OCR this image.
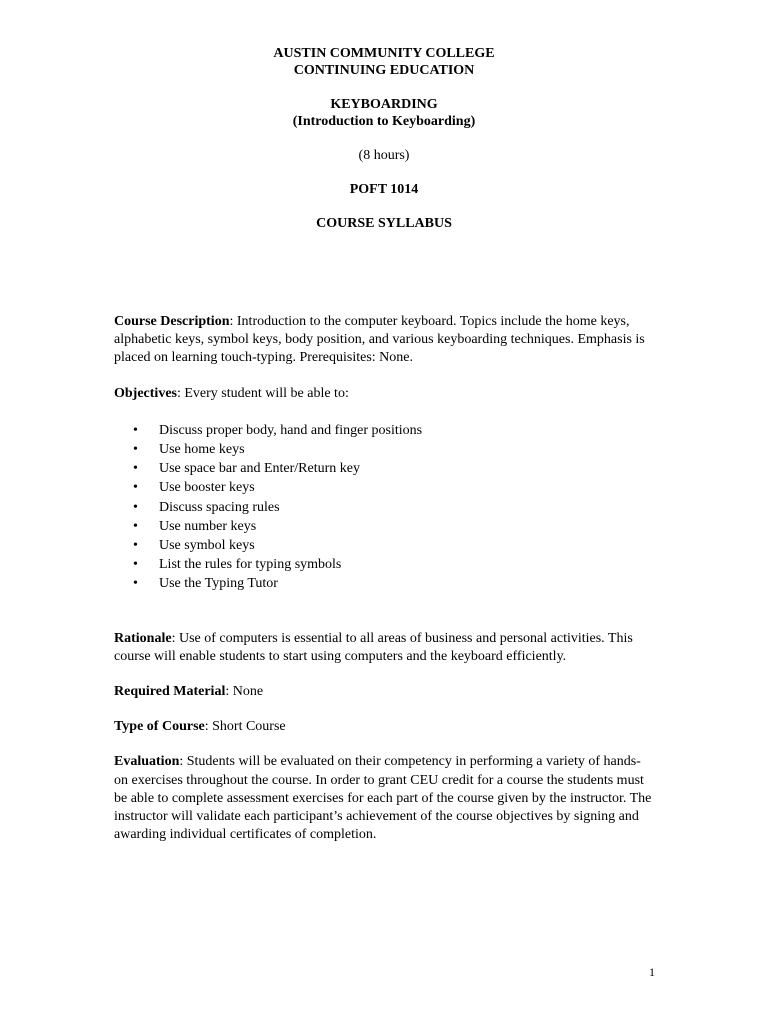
AUSTIN COMMUNITY COLLEGE
CONTINUING EDUCATION
KEYBOARDING
(Introduction to Keyboarding)
(8 hours)
POFT 1014
COURSE SYLLABUS

Course Description: Introduction to the computer keyboard. Topics include the home keys, alphabetic keys, symbol keys, body position, and various keyboarding techniques. Emphasis is placed on learning touch-typing. Prerequisites: None.

Objectives: Every student will be able to:

• Discuss proper body, hand and finger positions
• Use home keys
• Use space bar and Enter/Return key
• Use booster keys
• Discuss spacing rules
• Use number keys
• Use symbol keys
• List the rules for typing symbols
• Use the Typing Tutor

Rationale: Use of computers is essential to all areas of business and personal activities. This course will enable students to start using computers and the keyboard efficiently.

Required Material: None

Type of Course: Short Course

Evaluation: Students will be evaluated on their competency in performing a variety of hands-on exercises throughout the course. In order to grant CEU credit for a course the students must be able to complete assessment exercises for each part of the course given by the instructor. The instructor will validate each participant’s achievement of the course objectives by signing and awarding individual certificates of completion.

1
